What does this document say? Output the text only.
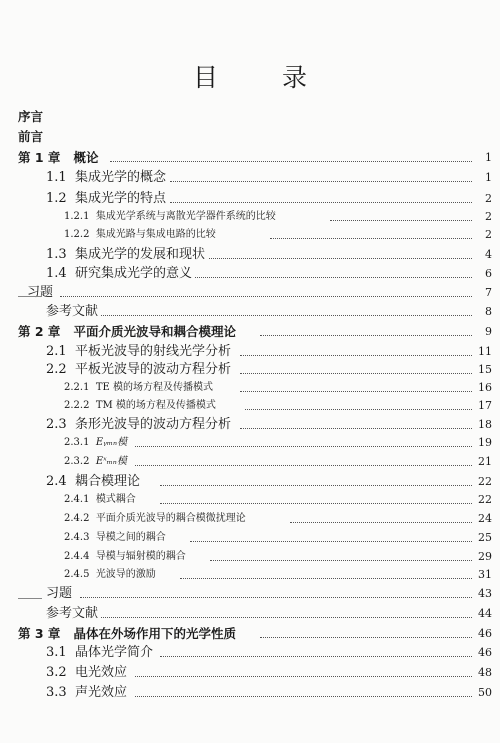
目 录
序言
前言
第 1 章 概论	1
1.1 集成光学的概念	1
1.2 集成光学的特点	2
1.2.1 集成光学系统与离散光学器件系统的比较	2
1.2.2 集成光路与集成电路的比较	2
1.3 集成光学的发展和现状	4
1.4 研究集成光学的意义	6
习题	7
参考文献	8
第 2 章 平面介质光波导和耦合模理论	9
2.1 平板光波导的射线光学分析	11
2.2 平板光波导的波动方程分析	15
2.2.1 TE 模的场方程及传播模式	16
2.2.2 TM 模的场方程及传播模式	17
2.3 条形光波导的波动方程分析	18
2.3.1 Eᵧₘₙ模	19
2.3.2 Eˣₘₙ模	21
2.4 耦合模理论	22
2.4.1 模式耦合	22
2.4.2 平面介质光波导的耦合模微扰理论	24
2.4.3 导模之间的耦合	25
2.4.4 导模与辐射模的耦合	29
2.4.5 光波导的激励	31
习题	43
参考文献	44
第 3 章 晶体在外场作用下的光学性质	46
3.1 晶体光学简介	46
3.2 电光效应	48
3.3 声光效应	50
